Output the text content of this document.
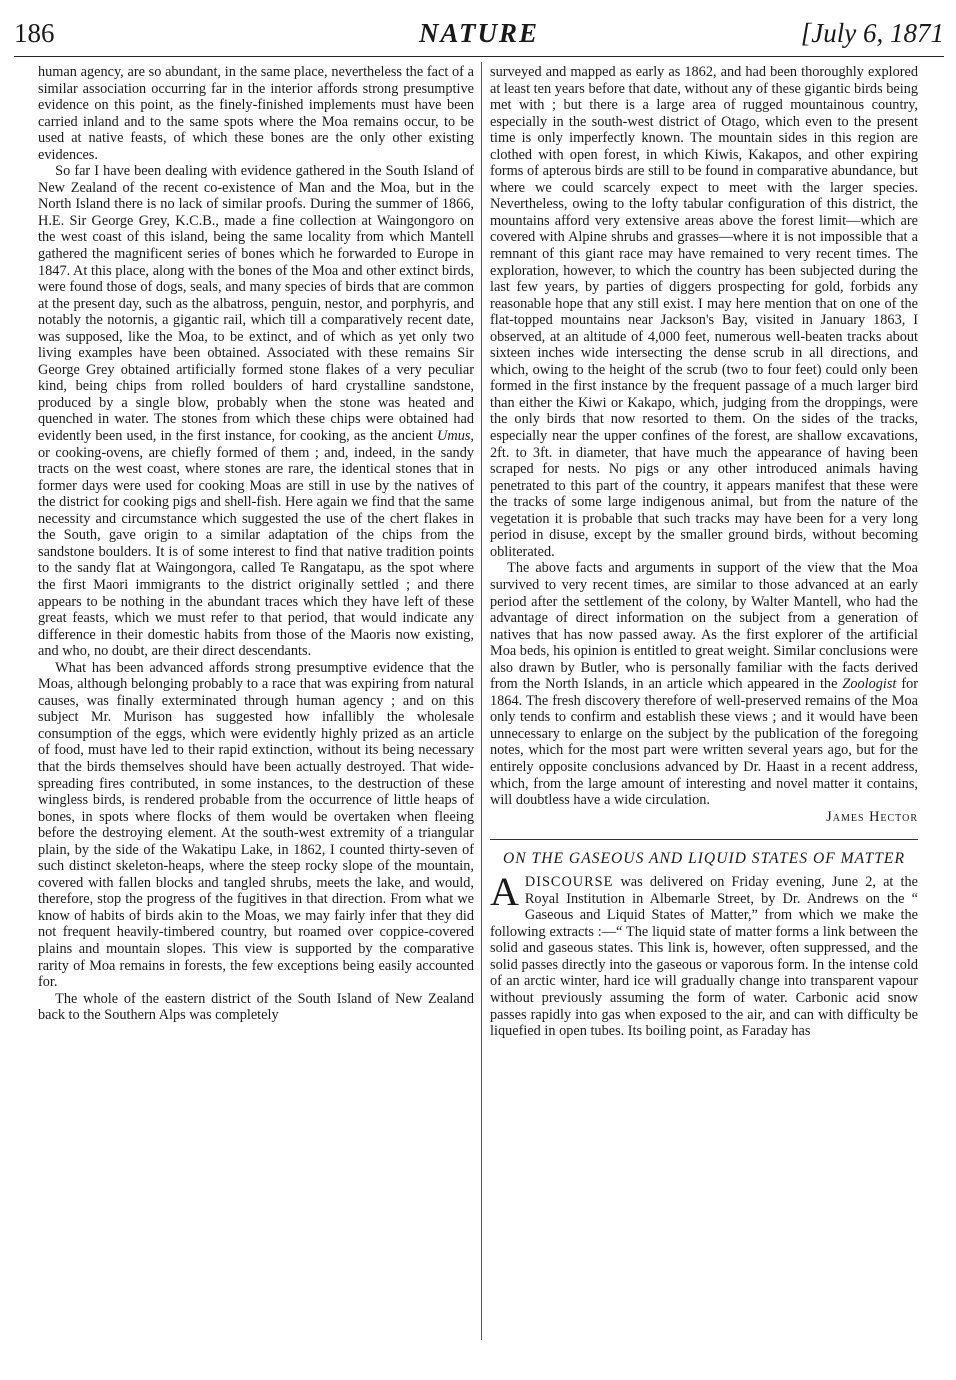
186	NATURE	[July 6, 1871

human agency, are so abundant, in the same place, nevertheless the fact of a similar association occurring far in the interior affords strong presumptive evidence on this point, as the finely-finished implements must have been carried inland and to the same spots where the Moa remains occur, to be used at native feasts, of which these bones are the only other existing evidences.

So far I have been dealing with evidence gathered in the South Island of New Zealand of the recent co-existence of Man and the Moa, but in the North Island there is no lack of similar proofs. During the summer of 1866, H.E. Sir George Grey, K.C.B., made a fine collection at Waingongoro on the west coast of this island, being the same locality from which Mantell gathered the magnificent series of bones which he forwarded to Europe in 1847. At this place, along with the bones of the Moa and other extinct birds, were found those of dogs, seals, and many species of birds that are common at the present day, such as the albatross, penguin, nestor, and porphyris, and notably the notornis, a gigantic rail, which till a comparatively recent date, was supposed, like the Moa, to be extinct, and of which as yet only two living examples have been obtained. Associated with these remains Sir George Grey obtained artificially formed stone flakes of a very peculiar kind, being chips from rolled boulders of hard crystalline sandstone, produced by a single blow, probably when the stone was heated and quenched in water. The stones from which these chips were obtained had evidently been used, in the first instance, for cooking, as the ancient Umus, or cooking-ovens, are chiefly formed of them ; and, indeed, in the sandy tracts on the west coast, where stones are rare, the identical stones that in former days were used for cooking Moas are still in use by the natives of the district for cooking pigs and shell-fish. Here again we find that the same necessity and circumstance which suggested the use of the chert flakes in the South, gave origin to a similar adaptation of the chips from the sandstone boulders. It is of some interest to find that native tradition points to the sandy flat at Waingongora, called Te Rangatapu, as the spot where the first Maori immigrants to the district originally settled ; and there appears to be nothing in the abundant traces which they have left of these great feasts, which we must refer to that period, that would indicate any difference in their domestic habits from those of the Maoris now existing, and who, no doubt, are their direct descendants.

What has been advanced affords strong presumptive evidence that the Moas, although belonging probably to a race that was expiring from natural causes, was finally exterminated through human agency ; and on this subject Mr. Murison has suggested how infallibly the wholesale consumption of the eggs, which were evidently highly prized as an article of food, must have led to their rapid extinction, without its being necessary that the birds themselves should have been actually destroyed. That wide-spreading fires contributed, in some instances, to the destruction of these wingless birds, is rendered probable from the occurrence of little heaps of bones, in spots where flocks of them would be overtaken when fleeing before the destroying element. At the south-west extremity of a triangular plain, by the side of the Wakatipu Lake, in 1862, I counted thirty-seven of such distinct skeleton-heaps, where the steep rocky slope of the mountain, covered with fallen blocks and tangled shrubs, meets the lake, and would, therefore, stop the progress of the fugitives in that direction. From what we know of habits of birds akin to the Moas, we may fairly infer that they did not frequent heavily-timbered country, but roamed over coppice-covered plains and mountain slopes. This view is supported by the comparative rarity of Moa remains in forests, the few exceptions being easily accounted for.

The whole of the eastern district of the South Island of New Zealand back to the Southern Alps was completely

surveyed and mapped as early as 1862, and had been thoroughly explored at least ten years before that date, without any of these gigantic birds being met with ; but there is a large area of rugged mountainous country, especially in the south-west district of Otago, which even to the present time is only imperfectly known. The mountain sides in this region are clothed with open forest, in which Kiwis, Kakapos, and other expiring forms of apterous birds are still to be found in comparative abundance, but where we could scarcely expect to meet with the larger species. Nevertheless, owing to the lofty tabular configuration of this district, the mountains afford very extensive areas above the forest limit—which are covered with Alpine shrubs and grasses—where it is not impossible that a remnant of this giant race may have remained to very recent times. The exploration, however, to which the country has been subjected during the last few years, by parties of diggers prospecting for gold, forbids any reasonable hope that any still exist. I may here mention that on one of the flat-topped mountains near Jackson's Bay, visited in January 1863, I observed, at an altitude of 4,000 feet, numerous well-beaten tracks about sixteen inches wide intersecting the dense scrub in all directions, and which, owing to the height of the scrub (two to four feet) could only been formed in the first instance by the frequent passage of a much larger bird than either the Kiwi or Kakapo, which, judging from the droppings, were the only birds that now resorted to them. On the sides of the tracks, especially near the upper confines of the forest, are shallow excavations, 2ft. to 3ft. in diameter, that have much the appearance of having been scraped for nests. No pigs or any other introduced animals having penetrated to this part of the country, it appears manifest that these were the tracks of some large indigenous animal, but from the nature of the vegetation it is probable that such tracks may have been for a very long period in disuse, except by the smaller ground birds, without becoming obliterated.

The above facts and arguments in support of the view that the Moa survived to very recent times, are similar to those advanced at an early period after the settlement of the colony, by Walter Mantell, who had the advantage of direct information on the subject from a generation of natives that has now passed away. As the first explorer of the artificial Moa beds, his opinion is entitled to great weight. Similar conclusions were also drawn by Butler, who is personally familiar with the facts derived from the North Islands, in an article which appeared in the Zoologist for 1864. The fresh discovery therefore of well-preserved remains of the Moa only tends to confirm and establish these views ; and it would have been unnecessary to enlarge on the subject by the publication of the foregoing notes, which for the most part were written several years ago, but for the entirely opposite conclusions advanced by Dr. Haast in a recent address, which, from the large amount of interesting and novel matter it contains, will doubtless have a wide circulation.

James Hector
ON THE GASEOUS AND LIQUID STATES OF MATTER

ADISCOURSE was delivered on Friday evening, June 2, at the Royal Institution in Albemarle Street, by Dr. Andrews on the “ Gaseous and Liquid States of Matter,” from which we make the following extracts :—“ The liquid state of matter forms a link between the solid and gaseous states. This link is, however, often suppressed, and the solid passes directly into the gaseous or vaporous form. In the intense cold of an arctic winter, hard ice will gradually change into transparent vapour without previously assuming the form of water. Carbonic acid snow passes rapidly into gas when exposed to the air, and can with difficulty be liquefied in open tubes. Its boiling point, as Faraday has
